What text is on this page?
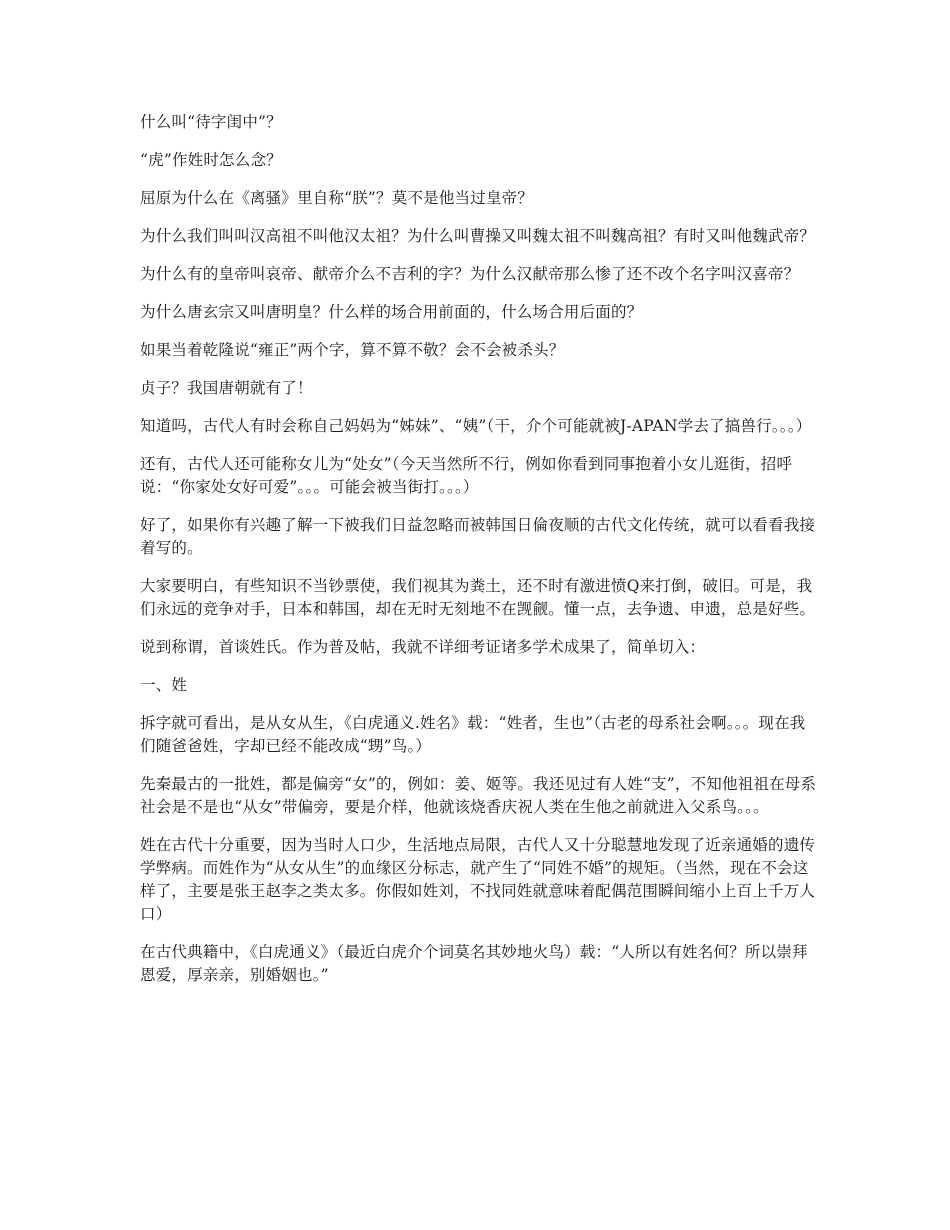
什么叫“待字闺中”？

“虎”作姓时怎么念？

屈原为什么在《离骚》里自称“朕”？莫不是他当过皇帝？

为什么我们叫叫汉高祖不叫他汉太祖？为什么叫曹操又叫魏太祖不叫魏高祖？有时又叫他魏武帝？

为什么有的皇帝叫哀帝、献帝介么不吉利的字？为什么汉献帝那么惨了还不改个名字叫汉喜帝？

为什么唐玄宗又叫唐明皇？什么样的场合用前面的，什么场合用后面的？

如果当着乾隆说“雍正”两个字，算不算不敬？会不会被杀头？

贞子？我国唐朝就有了！

知道吗，古代人有时会称自己妈妈为“姊妹”、“姨”（干，介个可能就被J-APAN学去了搞兽行。。。）

还有，古代人还可能称女儿为“处女”（今天当然所不行，例如你看到同事抱着小女儿逛街，招呼说：“你家处女好可爱”。。。可能会被当街打。。。）

好了，如果你有兴趣了解一下被我们日益忽略而被韩国日倫夜顺的古代文化传统，就可以看看我接着写的。

大家要明白，有些知识不当钞票使，我们视其为粪土，还不时有激进愤Q来打倒，破旧。可是，我们永远的竞争对手，日本和韩国，却在无时无刻地不在觊觎。懂一点，去争遗、申遗，总是好些。

说到称谓，首谈姓氏。作为普及帖，我就不详细考证诸多学术成果了，简单切入：

一、姓

拆字就可看出，是从女从生，《白虎通义.姓名》载：“姓者，生也”（古老的母系社会啊。。。现在我们随爸爸姓，字却已经不能改成“甥”鸟。）

先秦最古的一批姓，都是偏旁“女”的，例如：姜、姬等。我还见过有人姓“支”，不知他祖祖在母系社会是不是也“从女”带偏旁，要是介样，他就该烧香庆祝人类在生他之前就进入父系鸟。。。

姓在古代十分重要，因为当时人口少，生活地点局限，古代人又十分聪慧地发现了近亲通婚的遗传学弊病。而姓作为“从女从生”的血缘区分标志，就产生了“同姓不婚”的规矩。（当然，现在不会这样了，主要是张王赵李之类太多。你假如姓刘，不找同姓就意味着配偶范围瞬间缩小上百上千万人口）

在古代典籍中，《白虎通义》（最近白虎介个词莫名其妙地火鸟）载：“人所以有姓名何？所以崇拜恩爱，厚亲亲，别婚姻也。”
